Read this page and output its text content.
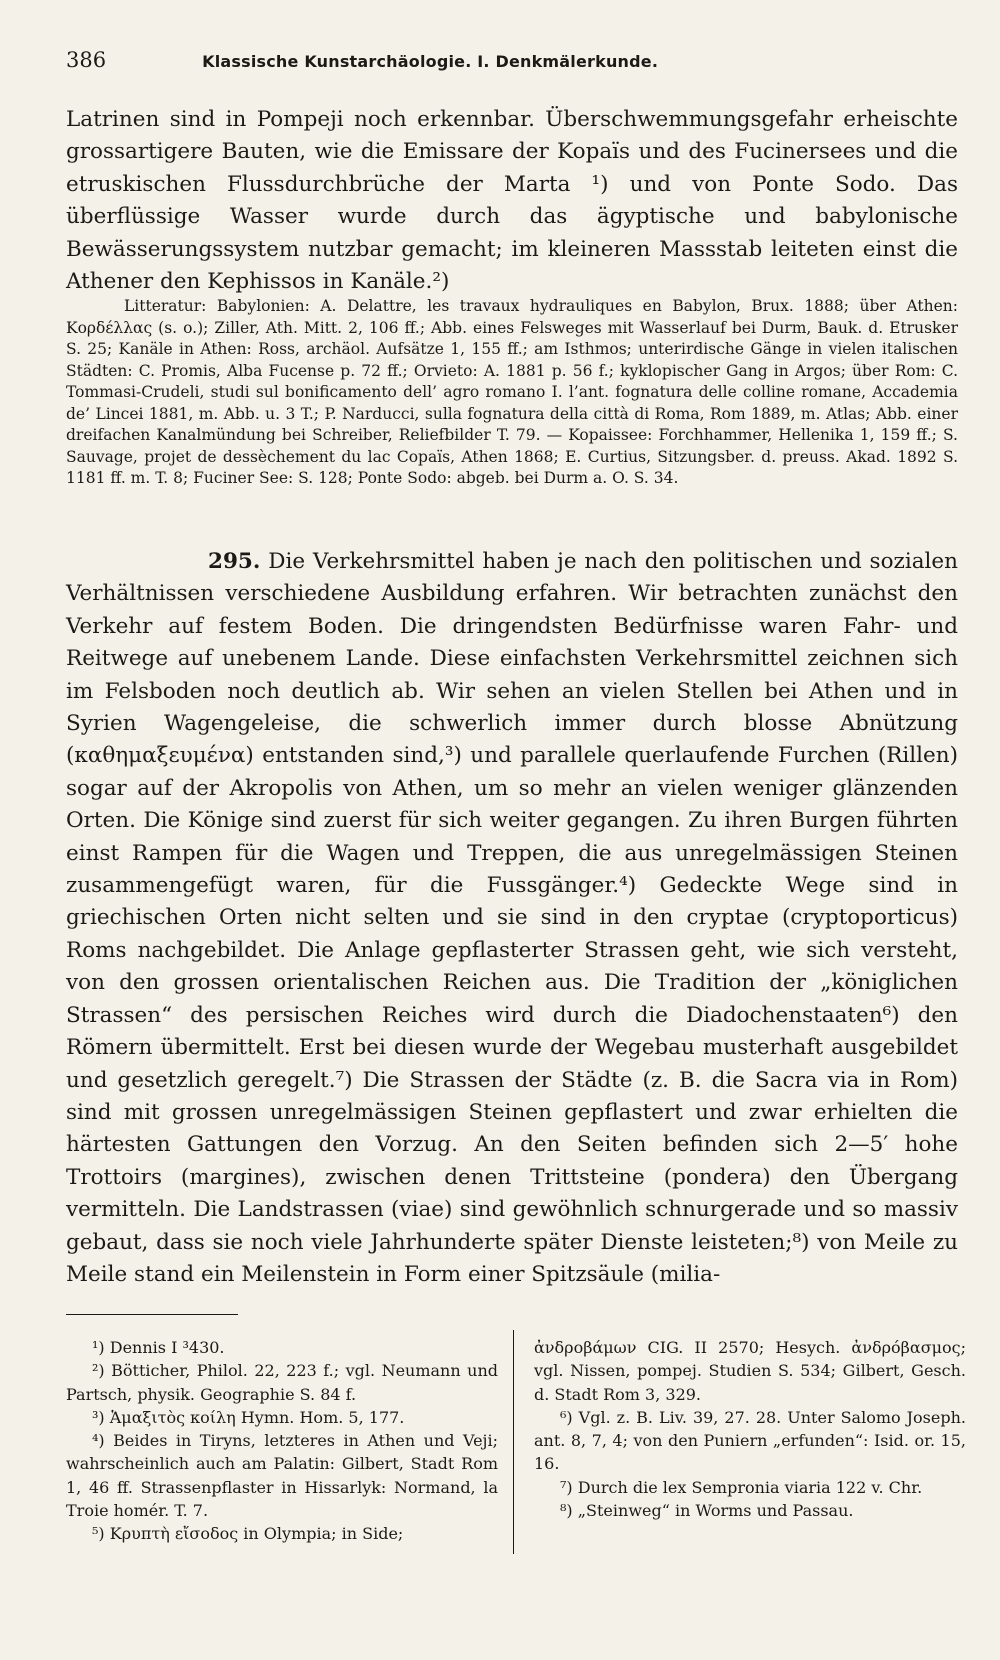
386	Klassische Kunstarchäologie. I. Denkmälerkunde.

Latrinen sind in Pompeji noch erkennbar. Überschwemmungsgefahr erheischte grossartigere Bauten, wie die Emissare der Kopaïs und des Fucinersees und die etruskischen Flussdurchbrüche der Marta ¹) und von Ponte Sodo. Das überflüssige Wasser wurde durch das ägyptische und babylonische Bewässerungssystem nutzbar gemacht; im kleineren Massstab leiteten einst die Athener den Kephissos in Kanäle.²)

Litteratur: Babylonien: A. Delattre, les travaux hydrauliques en Babylon, Brux. 1888; über Athen: Κορδέλλας (s. o.); Ziller, Ath. Mitt. 2, 106 ff.; Abb. eines Felsweges mit Wasserlauf bei Durm, Bauk. d. Etrusker S. 25; Kanäle in Athen: Ross, archäol. Aufsätze 1, 155 ff.; am Isthmos; unterirdische Gänge in vielen italischen Städten: C. Promis, Alba Fucense p. 72 ff.; Orvieto: A. 1881 p. 56 f.; kyklopischer Gang in Argos; über Rom: C. Tommasi-Crudeli, studi sul bonificamento dell’ agro romano I. l’ant. fognatura delle colline romane, Accademia de’ Lincei 1881, m. Abb. u. 3 T.; P. Narducci, sulla fognatura della città di Roma, Rom 1889, m. Atlas; Abb. einer dreifachen Kanalmündung bei Schreiber, Reliefbilder T. 79. — Kopaissee: Forchhammer, Hellenika 1, 159 ff.; S. Sauvage, projet de dessèchement du lac Copaïs, Athen 1868; E. Curtius, Sitzungsber. d. preuss. Akad. 1892 S. 1181 ff. m. T. 8; Fuciner See: S. 128; Ponte Sodo: abgeb. bei Durm a. O. S. 34.

295. Die Verkehrsmittel haben je nach den politischen und sozialen Verhältnissen verschiedene Ausbildung erfahren. Wir betrachten zunächst den Verkehr auf festem Boden. Die dringendsten Bedürfnisse waren Fahr- und Reitwege auf unebenem Lande. Diese einfachsten Verkehrsmittel zeichnen sich im Felsboden noch deutlich ab. Wir sehen an vielen Stellen bei Athen und in Syrien Wagengeleise, die schwerlich immer durch blosse Abnützung (καθημαξευμένα) entstanden sind,³) und parallele querlaufende Furchen (Rillen) sogar auf der Akropolis von Athen, um so mehr an vielen weniger glänzenden Orten. Die Könige sind zuerst für sich weiter gegangen. Zu ihren Burgen führten einst Rampen für die Wagen und Treppen, die aus unregelmässigen Steinen zusammengefügt waren, für die Fussgänger.⁴) Gedeckte Wege sind in griechischen Orten nicht selten und sie sind in den cryptae (cryptoporticus) Roms nachgebildet. Die Anlage gepflasterter Strassen geht, wie sich versteht, von den grossen orientalischen Reichen aus. Die Tradition der „königlichen Strassen“ des persischen Reiches wird durch die Diadochenstaaten⁶) den Römern übermittelt. Erst bei diesen wurde der Wegebau musterhaft ausgebildet und gesetzlich geregelt.⁷) Die Strassen der Städte (z. B. die Sacra via in Rom) sind mit grossen unregelmässigen Steinen gepflastert und zwar erhielten die härtesten Gattungen den Vorzug. An den Seiten befinden sich 2—5′ hohe Trottoirs (margines), zwischen denen Trittsteine (pondera) den Übergang vermitteln. Die Landstrassen (viae) sind gewöhnlich schnurgerade und so massiv gebaut, dass sie noch viele Jahrhunderte später Dienste leisteten;⁸) von Meile zu Meile stand ein Meilenstein in Form einer Spitzsäule (milia-

¹) Dennis I ³430.

²) Bötticher, Philol. 22, 223 f.; vgl. Neumann und Partsch, physik. Geographie S. 84 f.

³) Ἁμαξιτὸς κοίλη Hymn. Hom. 5, 177.

⁴) Beides in Tiryns, letzteres in Athen und Veji; wahrscheinlich auch am Palatin: Gilbert, Stadt Rom 1, 46 ff. Strassenpflaster in Hissarlyk: Normand, la Troie homér. T. 7.

⁵) Κρυπτὴ εἴσοδος in Olympia; in Side;

ἀνδροβάμων CIG. II 2570; Hesych. ἀνδρόβασμος; vgl. Nissen, pompej. Studien S. 534; Gilbert, Gesch. d. Stadt Rom 3, 329.

⁶) Vgl. z. B. Liv. 39, 27. 28. Unter Salomo Joseph. ant. 8, 7, 4; von den Puniern „erfunden“: Isid. or. 15, 16.

⁷) Durch die lex Sempronia viaria 122 v. Chr.

⁸) „Steinweg“ in Worms und Passau.
